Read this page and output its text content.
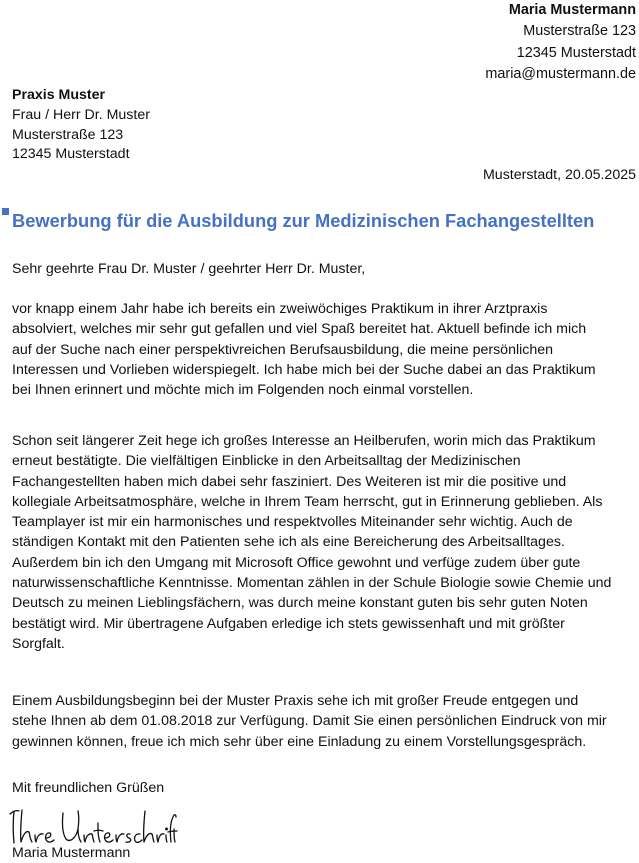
Maria Mustermann
Musterstraße 123
12345 Musterstadt
maria@mustermann.de
Praxis Muster
Frau / Herr Dr. Muster
Musterstraße 123
12345 Musterstadt
Musterstadt, 20.05.2025
Bewerbung für die Ausbildung zur Medizinischen Fachangestellten
Sehr geehrte Frau Dr. Muster / geehrter Herr Dr. Muster,
vor knapp einem Jahr habe ich bereits ein zweiwöchiges Praktikum in ihrer Arztpraxis
absolviert, welches mir sehr gut gefallen und viel Spaß bereitet hat. Aktuell befinde ich mich
auf der Suche nach einer perspektivreichen Berufsausbildung, die meine persönlichen
Interessen und Vorlieben widerspiegelt. Ich habe mich bei der Suche dabei an das Praktikum
bei Ihnen erinnert und möchte mich im Folgenden noch einmal vorstellen.
Schon seit längerer Zeit hege ich großes Interesse an Heilberufen, worin mich das Praktikum
erneut bestätigte. Die vielfältigen Einblicke in den Arbeitsalltag der Medizinischen
Fachangestellten haben mich dabei sehr fasziniert. Des Weiteren ist mir die positive und
kollegiale Arbeitsatmosphäre, welche in Ihrem Team herrscht, gut in Erinnerung geblieben. Als
Teamplayer ist mir ein harmonisches und respektvolles Miteinander sehr wichtig. Auch de
ständigen Kontakt mit den Patienten sehe ich als eine Bereicherung des Arbeitsalltages.
Außerdem bin ich den Umgang mit Microsoft Office gewohnt und verfüge zudem über gute
naturwissenschaftliche Kenntnisse. Momentan zählen in der Schule Biologie sowie Chemie und
Deutsch zu meinen Lieblingsfächern, was durch meine konstant guten bis sehr guten Noten
bestätigt wird. Mir übertragene Aufgaben erledige ich stets gewissenhaft und mit größter
Sorgfalt.
Einem Ausbildungsbeginn bei der Muster Praxis sehe ich mit großer Freude entgegen und
stehe Ihnen ab dem 01.08.2018 zur Verfügung. Damit Sie einen persönlichen Eindruck von mir
gewinnen können, freue ich mich sehr über eine Einladung zu einem Vorstellungsgespräch.
Mit freundlichen Grüßen
Maria Mustermann
